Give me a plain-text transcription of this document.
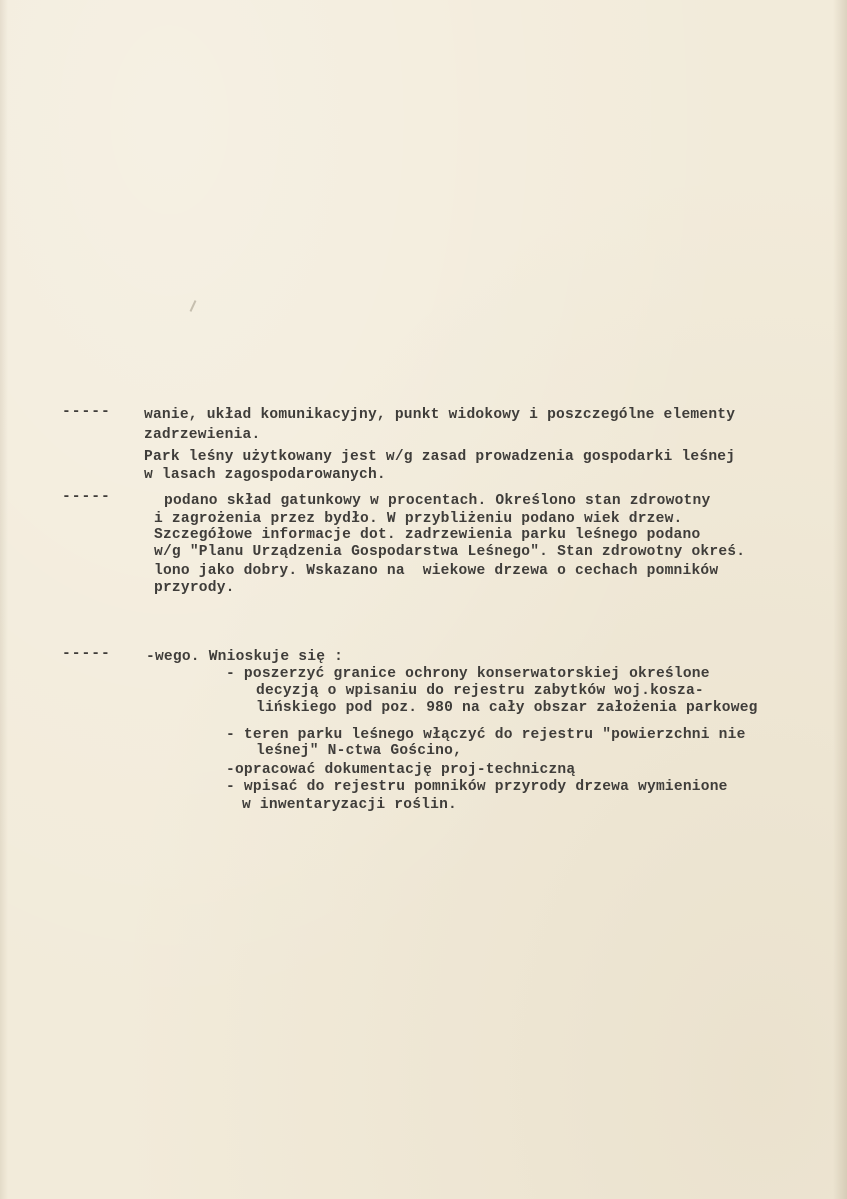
----- wanie, układ komunikacyjny, punkt widokowy i poszczególne elementy
zadrzewienia.
Park leśny użytkowany jest w/g zasad prowadzenia gospodarki leśnej
w lasach zagospodarowanych.
-----	podano skład gatunkowy w procentach. Określono stan zdrowotny
i zagrożenia przez bydło. W przybliżeniu podano wiek drzew.
Szczegółowe informacje dot. zadrzewienia parku leśnego podano
w/g "Planu Urządzenia Gospodarstwa Leśnego". Stan zdrowotny okreś.
lono jako dobry. Wskazano na  wiekowe drzewa o cechach pomników
przyrody.
----- -wego. Wnioskuje się :
- poszerzyć granice ochrony konserwatorskiej określone
decyzją o wpisaniu do rejestru zabytków woj.kosza-
lińskiego pod poz. 980 na cały obszar założenia parkoweg
- teren parku leśnego włączyć do rejestru "powierzchni nie
leśnej" N-ctwa Gościno,
-opracować dokumentację proj-techniczną
- wpisać do rejestru pomników przyrody drzewa wymienione
w inwentaryzacji roślin.
